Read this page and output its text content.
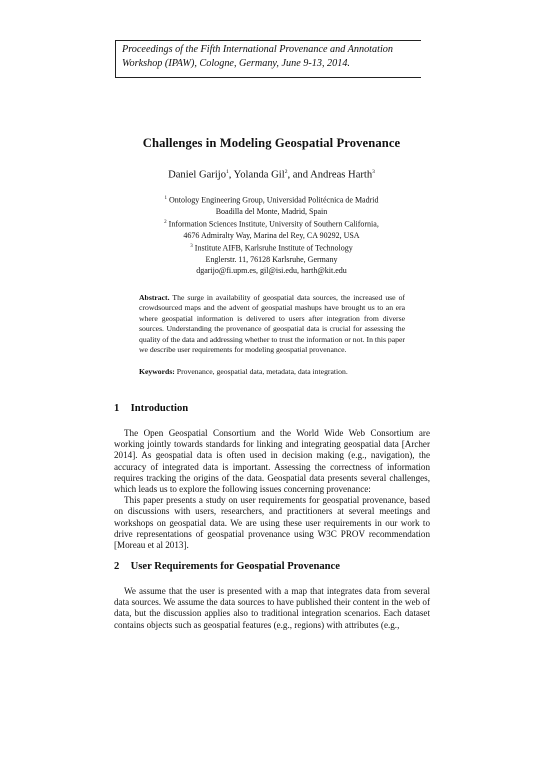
Proceedings of the Fifth International Provenance and Annotation
Workshop (IPAW), Cologne, Germany, June 9-13, 2014.
Challenges in Modeling Geospatial Provenance
Daniel Garijo$^1$, Yolanda Gil$^2$, and Andreas Harth$^3$
$^1$ Ontology Engineering Group, Universidad Politécnica de Madrid
Boadilla del Monte, Madrid, Spain
$^2$ Information Sciences Institute, University of Southern California,
4676 Admiralty Way, Marina del Rey, CA 90292, USA
$^3$ Institute AIFB, Karlsruhe Institute of Technology
Englerstr. 11, 76128 Karlsruhe, Germany
dgarijo@fi.upm.es, gil@isi.edu, harth@kit.edu
Abstract. The surge in availability of geospatial data sources, the increased use of crowdsourced maps and the advent of geospatial mashups have brought us to an era where geospatial information is delivered to users after integration from diverse sources. Understanding the provenance of geospatial data is crucial for assessing the quality of the data and addressing whether to trust the information or not. In this paper we describe user requirements for modeling geospatial provenance.
Keywords: Provenance, geospatial data, metadata, data integration.
1 Introduction

The Open Geospatial Consortium and the World Wide Web Consortium are working jointly towards standards for linking and integrating geospatial data [Archer 2014]. As geospatial data is often used in decision making (e.g., navigation), the accuracy of integrated data is important. Assessing the correctness of information requires tracking the origins of the data. Geospatial data presents several challenges, which leads us to explore the following issues concerning provenance:

This paper presents a study on user requirements for geospatial provenance, based on discussions with users, researchers, and practitioners at several meetings and workshops on geospatial data. We are using these user requirements in our work to drive representations of geospatial provenance using W3C PROV recommendation [Moreau et al 2013].

2 User Requirements for Geospatial Provenance

We assume that the user is presented with a map that integrates data from several data sources. We assume the data sources to have published their content in the web of data, but the discussion applies also to traditional integration scenarios. Each dataset contains objects such as geospatial features (e.g., regions) with attributes (e.g.,
